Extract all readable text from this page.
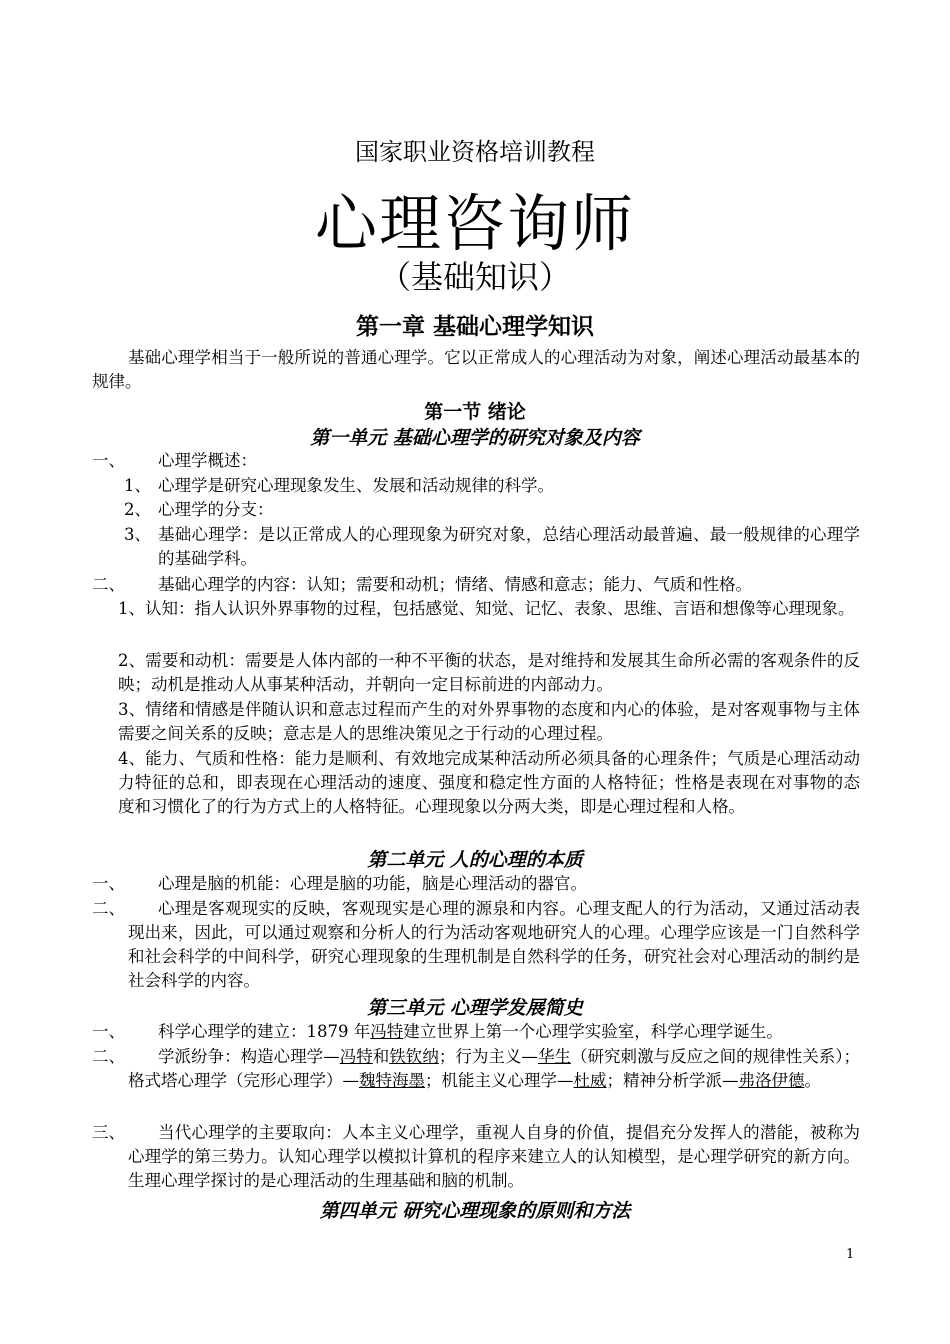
国家职业资格培训教程
心理咨询师
（基础知识）
第一章 基础心理学知识
基础心理学相当于一般所说的普通心理学。它以正常成人的心理活动为对象，阐述心理活动最基本的规律。
第一节 绪论
第一单元 基础心理学的研究对象及内容
一、 心理学概述：
1、 心理学是研究心理现象发生、发展和活动规律的科学。
2、 心理学的分支：
3、 基础心理学：是以正常成人的心理现象为研究对象，总结心理活动最普遍、最一般规律的心理学的基础学科。
二、 基础心理学的内容：认知；需要和动机；情绪、情感和意志；能力、气质和性格。
1、认知：指人认识外界事物的过程，包括感觉、知觉、记忆、表象、思维、言语和想像等心理现象。
2、需要和动机：需要是人体内部的一种不平衡的状态，是对维持和发展其生命所必需的客观条件的反映；动机是推动人从事某种活动，并朝向一定目标前进的内部动力。
3、情绪和情感是伴随认识和意志过程而产生的对外界事物的态度和内心的体验，是对客观事物与主体需要之间关系的反映；意志是人的思维决策见之于行动的心理过程。
4、能力、气质和性格：能力是顺利、有效地完成某种活动所必须具备的心理条件；气质是心理活动动力特征的总和，即表现在心理活动的速度、强度和稳定性方面的人格特征；性格是表现在对事物的态度和习惯化了的行为方式上的人格特征。心理现象以分两大类，即是心理过程和人格。
第二单元 人的心理的本质
一、 心理是脑的机能：心理是脑的功能，脑是心理活动的器官。
二、	心理是客观现实的反映，客观现实是心理的源泉和内容。心理支配人的行为活动，又通过活动表现出来，因此，可以通过观察和分析人的行为活动客观地研究人的心理。心理学应该是一门自然科学和社会科学的中间科学，研究心理现象的生理机制是自然科学的任务，研究社会对心理活动的制约是社会科学的内容。
第三单元 心理学发展简史
一、 科学心理学的建立：1879 年冯特建立世界上第一个心理学实验室，科学心理学诞生。
二、	学派纷争：构造心理学—冯特和铁钦纳；行为主义—华生（研究刺激与反应之间的规律性关系）；格式塔心理学（完形心理学）—魏特海墨；机能主义心理学—杜威；精神分析学派—弗洛伊德。
三、	当代心理学的主要取向：人本主义心理学，重视人自身的价值，提倡充分发挥人的潜能，被称为心理学的第三势力。认知心理学以模拟计算机的程序来建立人的认知模型，是心理学研究的新方向。生理心理学探讨的是心理活动的生理基础和脑的机制。
第四单元 研究心理现象的原则和方法
1
